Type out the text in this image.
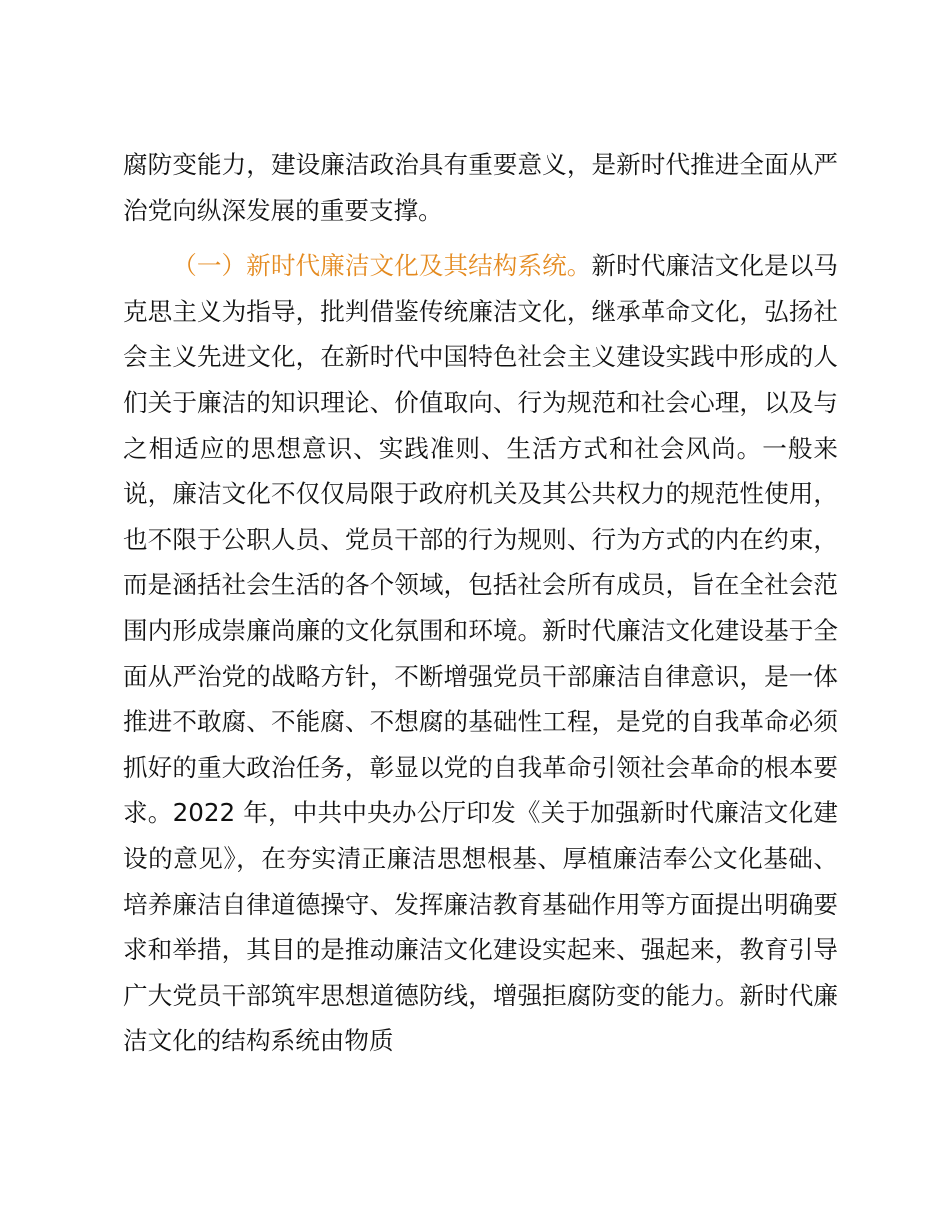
腐防变能力，建设廉洁政治具有重要意义，是新时代推进全面从严治党向纵深发展的重要支撑。

（一）新时代廉洁文化及其结构系统。新时代廉洁文化是以马克思主义为指导，批判借鉴传统廉洁文化，继承革命文化，弘扬社会主义先进文化，在新时代中国特色社会主义建设实践中形成的人们关于廉洁的知识理论、价值取向、行为规范和社会心理，以及与之相适应的思想意识、实践准则、生活方式和社会风尚。一般来说，廉洁文化不仅仅局限于政府机关及其公共权力的规范性使用，也不限于公职人员、党员干部的行为规则、行为方式的内在约束，而是涵括社会生活的各个领域，包括社会所有成员，旨在全社会范围内形成崇廉尚廉的文化氛围和环境。新时代廉洁文化建设基于全面从严治党的战略方针，不断增强党员干部廉洁自律意识，是一体推进不敢腐、不能腐、不想腐的基础性工程，是党的自我革命必须抓好的重大政治任务，彰显以党的自我革命引领社会革命的根本要求。2022 年，中共中央办公厅印发《关于加强新时代廉洁文化建设的意见》，在夯实清正廉洁思想根基、厚植廉洁奉公文化基础、培养廉洁自律道德操守、发挥廉洁教育基础作用等方面提出明确要求和举措，其目的是推动廉洁文化建设实起来、强起来，教育引导广大党员干部筑牢思想道德防线，增强拒腐防变的能力。新时代廉洁文化的结构系统由物质
